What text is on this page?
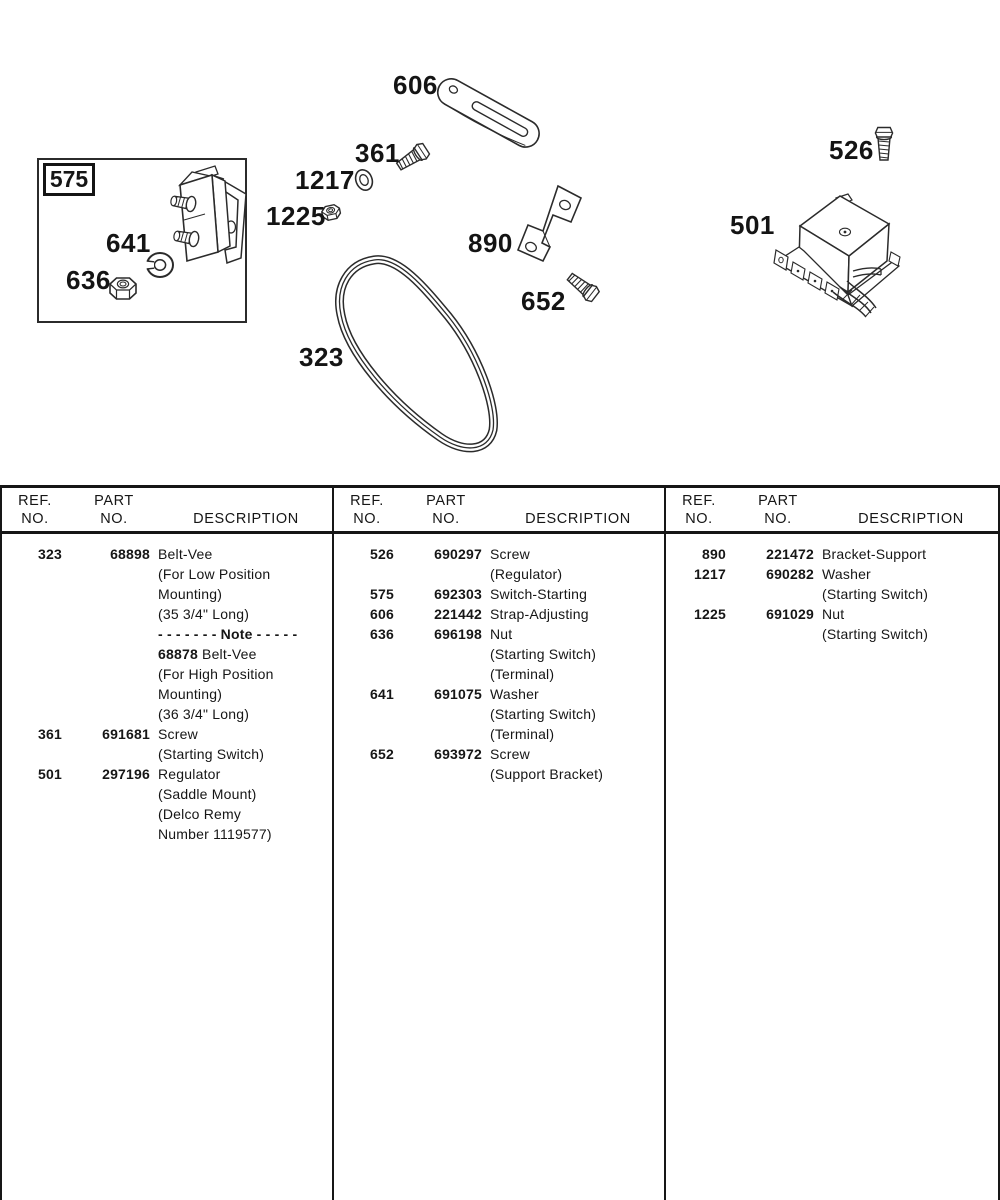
575
606
361
1217
1225
890
652
323
526
501
641
636
REF.
NO.
PART
NO.	DESCRIPTION
323	68898 Belt-Vee
(For Low Position
Mounting)
(35 3/4" Long)
- - - - - - - Note - - - - -
68878 Belt-Vee
(For High Position
Mounting)
(36 3/4" Long)
361	691681 Screw
(Starting Switch)
501	297196 Regulator
(Saddle Mount)
(Delco Remy
Number 1119577)
REF.
NO.
PART
NO.	DESCRIPTION
526	690297 Screw
(Regulator)
575	692303 Switch-Starting
606	221442 Strap-Adjusting
636	696198 Nut
(Starting Switch)
(Terminal)
641	691075 Washer
(Starting Switch)
(Terminal)
652	693972 Screw
(Support Bracket)
REF.
NO.
PART
NO.	DESCRIPTION
890	221472 Bracket-Support
1217	690282 Washer
(Starting Switch)
1225	691029 Nut
(Starting Switch)
